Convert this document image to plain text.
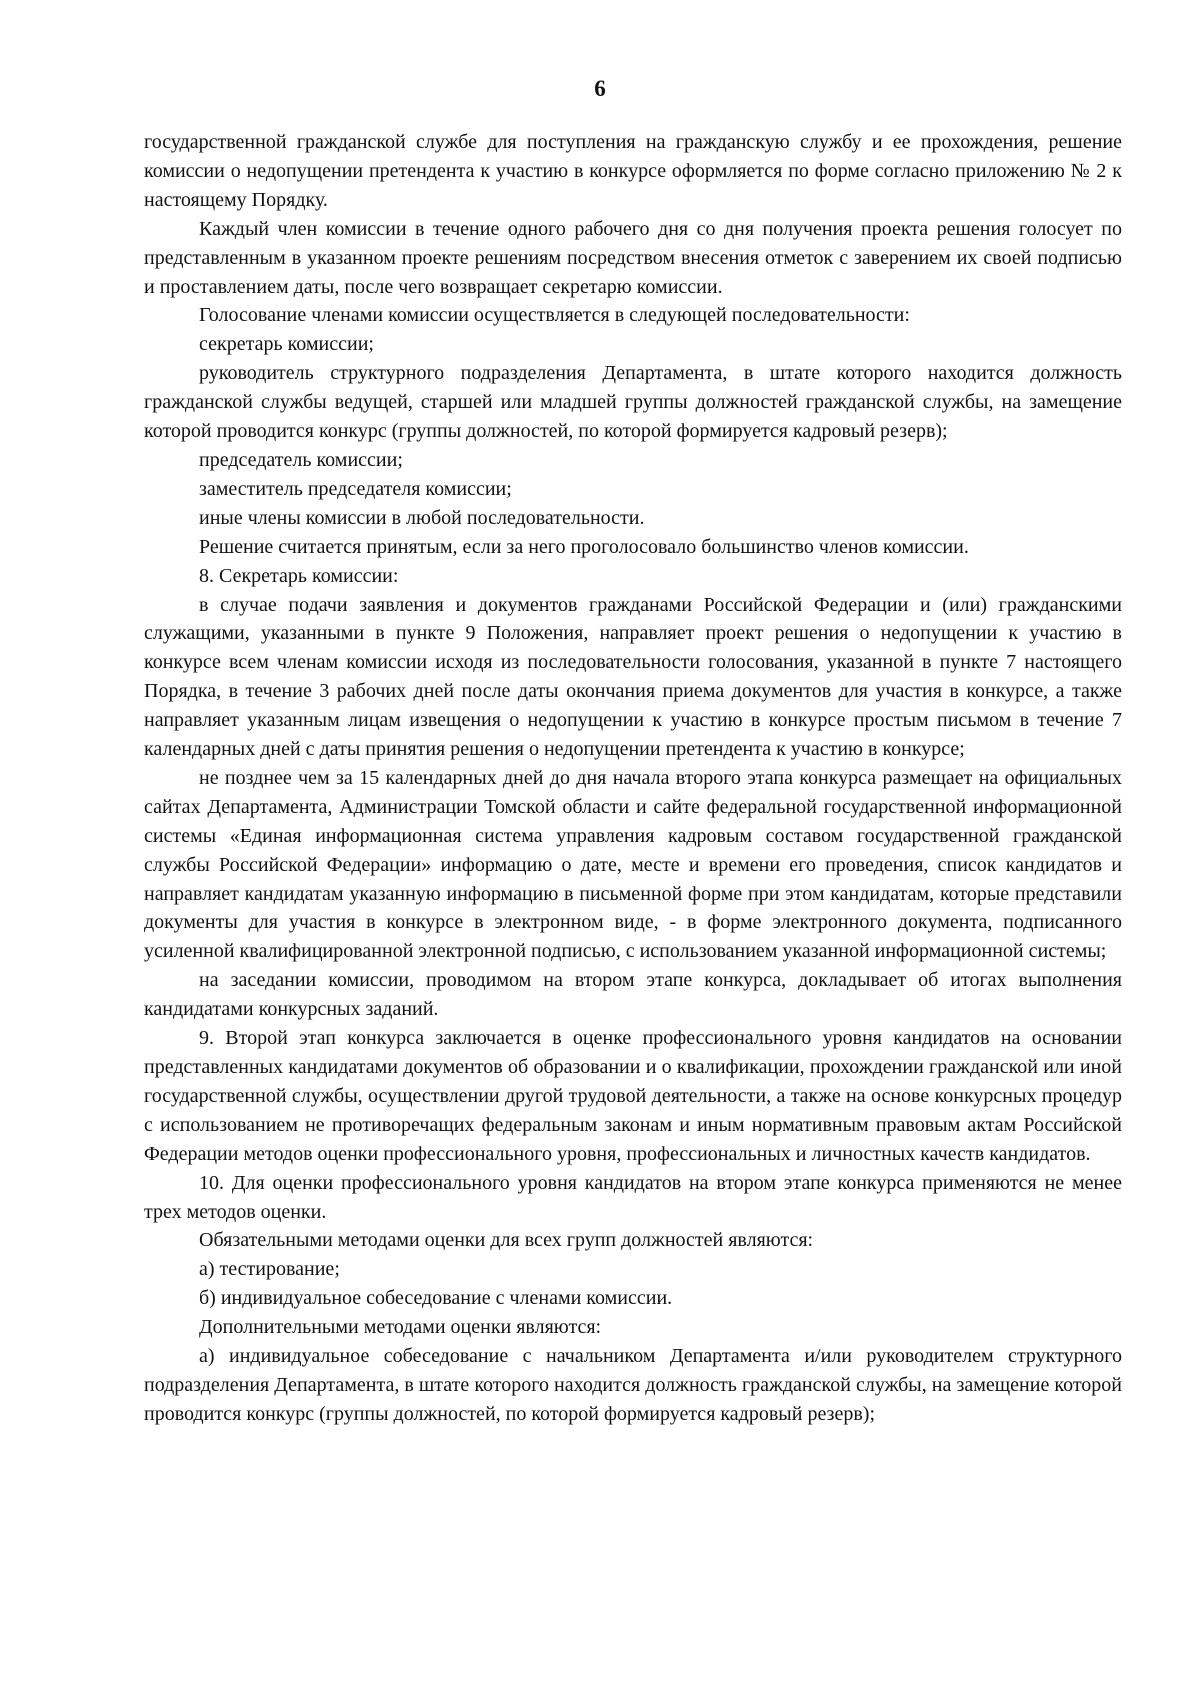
6

государственной гражданской службе для поступления на гражданскую службу и ее прохождения, решение комиссии о недопущении претендента к участию в конкурсе оформляется по форме согласно приложению № 2 к настоящему Порядку.

Каждый член комиссии в течение одного рабочего дня со дня получения проекта решения голосует по представленным в указанном проекте решениям посредством внесения отметок с заверением их своей подписью и проставлением даты, после чего возвращает секретарю комиссии.

Голосование членами комиссии осуществляется в следующей последовательности:

секретарь комиссии;

руководитель структурного подразделения Департамента, в штате которого находится должность гражданской службы ведущей, старшей или младшей группы должностей гражданской службы, на замещение которой проводится конкурс (группы должностей, по которой формируется кадровый резерв);

председатель комиссии;

заместитель председателя комиссии;

иные члены комиссии в любой последовательности.

Решение считается принятым, если за него проголосовало большинство членов комиссии.

8. Секретарь комиссии:

в случае подачи заявления и документов гражданами Российской Федерации и (или) гражданскими служащими, указанными в пункте 9 Положения, направляет проект решения о недопущении к участию в конкурсе всем членам комиссии исходя из последовательности голосования, указанной в пункте 7 настоящего Порядка, в течение 3 рабочих дней после даты окончания приема документов для участия в конкурсе, а также направляет указанным лицам извещения о недопущении к участию в конкурсе простым письмом в течение 7 календарных дней с даты принятия решения о недопущении претендента к участию в конкурсе;

не позднее чем за 15 календарных дней до дня начала второго этапа конкурса размещает на официальных сайтах Департамента, Администрации Томской области и сайте федеральной государственной информационной системы «Единая информационная система управления кадровым составом государственной гражданской службы Российской Федерации» информацию о дате, месте и времени его проведения, список кандидатов и направляет кандидатам указанную информацию в письменной форме при этом кандидатам, которые представили документы для участия в конкурсе в электронном виде, - в форме электронного документа, подписанного усиленной квалифицированной электронной подписью, с использованием указанной информационной системы;

на заседании комиссии, проводимом на втором этапе конкурса, докладывает об итогах выполнения кандидатами конкурсных заданий.

9. Второй этап конкурса заключается в оценке профессионального уровня кандидатов на основании представленных кандидатами документов об образовании и о квалификации, прохождении гражданской или иной государственной службы, осуществлении другой трудовой деятельности, а также на основе конкурсных процедур с использованием не противоречащих федеральным законам и иным нормативным правовым актам Российской Федерации методов оценки профессионального уровня, профессиональных и личностных качеств кандидатов.

10. Для оценки профессионального уровня кандидатов на втором этапе конкурса применяются не менее трех методов оценки.

Обязательными методами оценки для всех групп должностей являются:

а) тестирование;

б) индивидуальное собеседование с членами комиссии.

Дополнительными методами оценки являются:

а) индивидуальное собеседование с начальником Департамента и/или руководителем структурного подразделения Департамента, в штате которого находится должность гражданской службы, на замещение которой проводится конкурс (группы должностей, по которой формируется кадровый резерв);
